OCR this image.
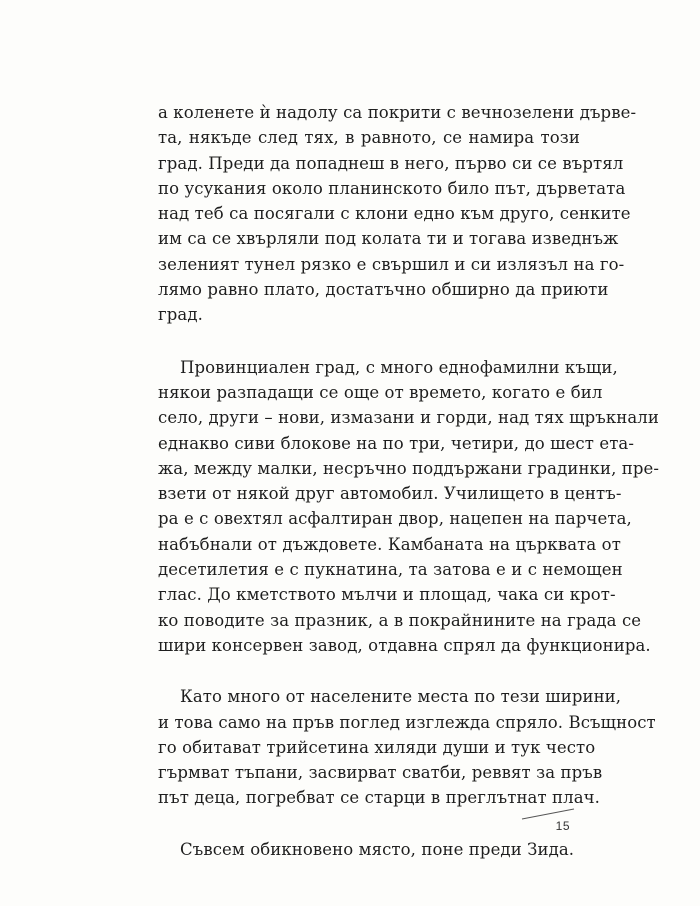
а коленете ѝ надолу са покрити с вечнозелени дърве-
та, някъде след тях, в равното, се намира този
град. Преди да попаднеш в него, първо си се въртял
по усукания около планинското било път, дърветата
над теб са посягали с клони едно към друго, сенките
им са се хвърляли под колата ти и тогава изведнъж
зеленият тунел рязко е свършил и си излязъл на го-
лямо равно плато, достатъчно обширно да приюти
град.
Провинциален град, с много еднофамилни къщи,
някои разпадащи се още от времето, когато е бил
село, други – нови, измазани и горди, над тях щръкнали
еднакво сиви блокове на по три, четири, до шест ета-
жа, между малки, несръчно поддържани градинки, пре-
взети от някой друг автомобил. Училището в центъ-
ра е с овехтял асфалтиран двор, нацепен на парчета,
набъбнали от дъждовете. Камбаната на църквата от
десетилетия е с пукнатина, та затова е и с немощен
глас. До кметството мълчи и площад, чака си крот-
ко поводите за празник, а в покрайнините на града се
шири консервен завод, отдавна спрял да функционира.
Като много от населените места по тези ширини,
и това само на пръв поглед изглежда спряло. Всъщност
го обитават трийсетина хиляди души и тук често
гърмват тъпани, засвирват сватби, реввят за пръв
път деца, погребват се старци в преглътнат плач.
Съвсем обикновено място, поне преди Зида.
15
